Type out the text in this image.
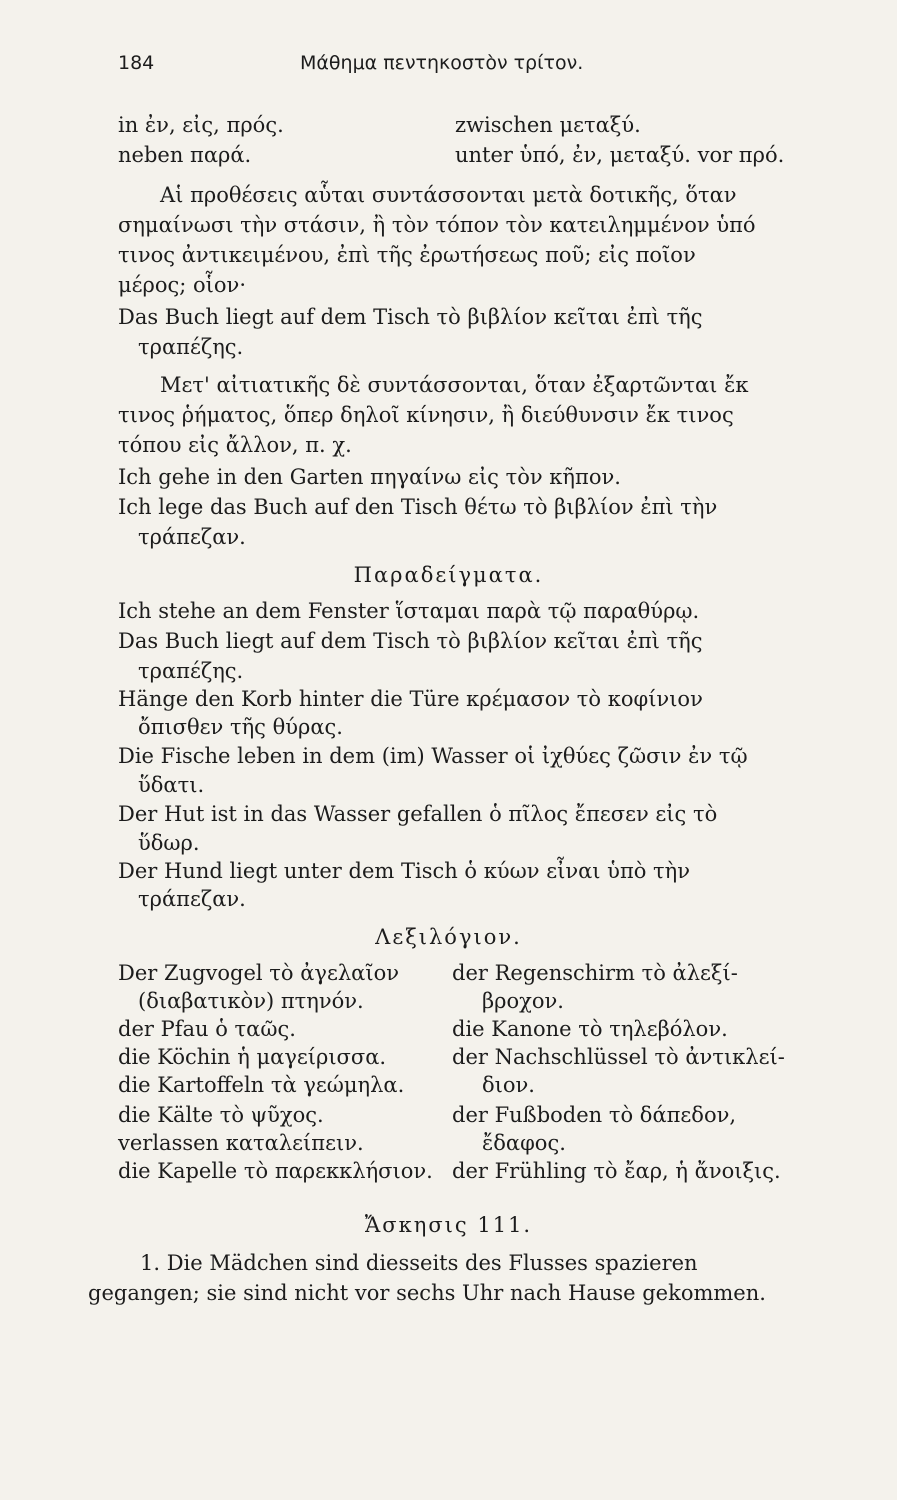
184	Μάθημα πεντηκοστὸν τρίτον.
in ἐν, εἰς, πρός.
neben παρά.
zwischen μεταξύ.
unter ὑπό, ἐν, μεταξύ. vor πρό.
Αἱ προθέσεις αὗται συντάσσονται μετὰ δοτικῆς, ὅταν
σημαίνωσι τὴν στάσιν, ἢ τὸν τόπον τὸν κατειλημμένον ὑπό
τινος ἀντικειμένου, ἐπὶ τῆς ἐρωτήσεως ποῦ; εἰς ποῖον
μέρος; οἷον·
Das Buch liegt auf dem Tisch τὸ βιβλίον κεῖται ἐπὶ τῆς
τραπέζης.
Μετ' αἰτιατικῆς δὲ συντάσσονται, ὅταν ἐξαρτῶνται ἔκ
τινος ῥήματος, ὅπερ δηλοῖ κίνησιν, ἢ διεύθυνσιν ἔκ τινος
τόπου εἰς ἄλλον, π. χ.
Ich gehe in den Garten πηγαίνω εἰς τὸν κῆπον.
Ich lege das Buch auf den Tisch θέτω τὸ βιβλίον ἐπὶ τὴν
τράπεζαν.
Παραδείγματα.
Ich stehe an dem Fenster ἵσταμαι παρὰ τῷ παραθύρῳ.
Das Buch liegt auf dem Tisch τὸ βιβλίον κεῖται ἐπὶ τῆς
τραπέζης.
Hänge den Korb hinter die Türe κρέμασον τὸ κοφίνιον
ὄπισθεν τῆς θύρας.
Die Fische leben in dem (im) Wasser οἱ ἰχθύες ζῶσιν ἐν τῷ
ὕδατι.
Der Hut ist in das Wasser gefallen ὁ πῖλος ἔπεσεν εἰς τὸ
ὕδωρ.
Der Hund liegt unter dem Tisch ὁ κύων εἶναι ὑπὸ τὴν
τράπεζαν.
Λεξιλόγιον.
Der Zugvogel τὸ ἀγελαῖον
(διαβατικὸν) πτηνόν.
der Pfau ὁ ταῶς.
die Köchin ἡ μαγείρισσα.
die Kartoffeln τὰ γεώμηλα.
die Kälte τὸ ψῦχος.
verlassen καταλείπειν.
die Kapelle τὸ παρεκκλήσιον.
der Regenschirm τὸ ἀλεξί-
βροχον.
die Kanone τὸ τηλεβόλον.
der Nachschlüssel τὸ ἀντικλεί-
διον.
der Fußboden τὸ δάπεδον,
ἔδαφος.
der Frühling τὸ ἔαρ, ἡ ἄνοιξις.
Ἄσκησις 111.
1. Die Mädchen sind diesseits des Flusses spazieren
gegangen; sie sind nicht vor sechs Uhr nach Hause gekommen.
